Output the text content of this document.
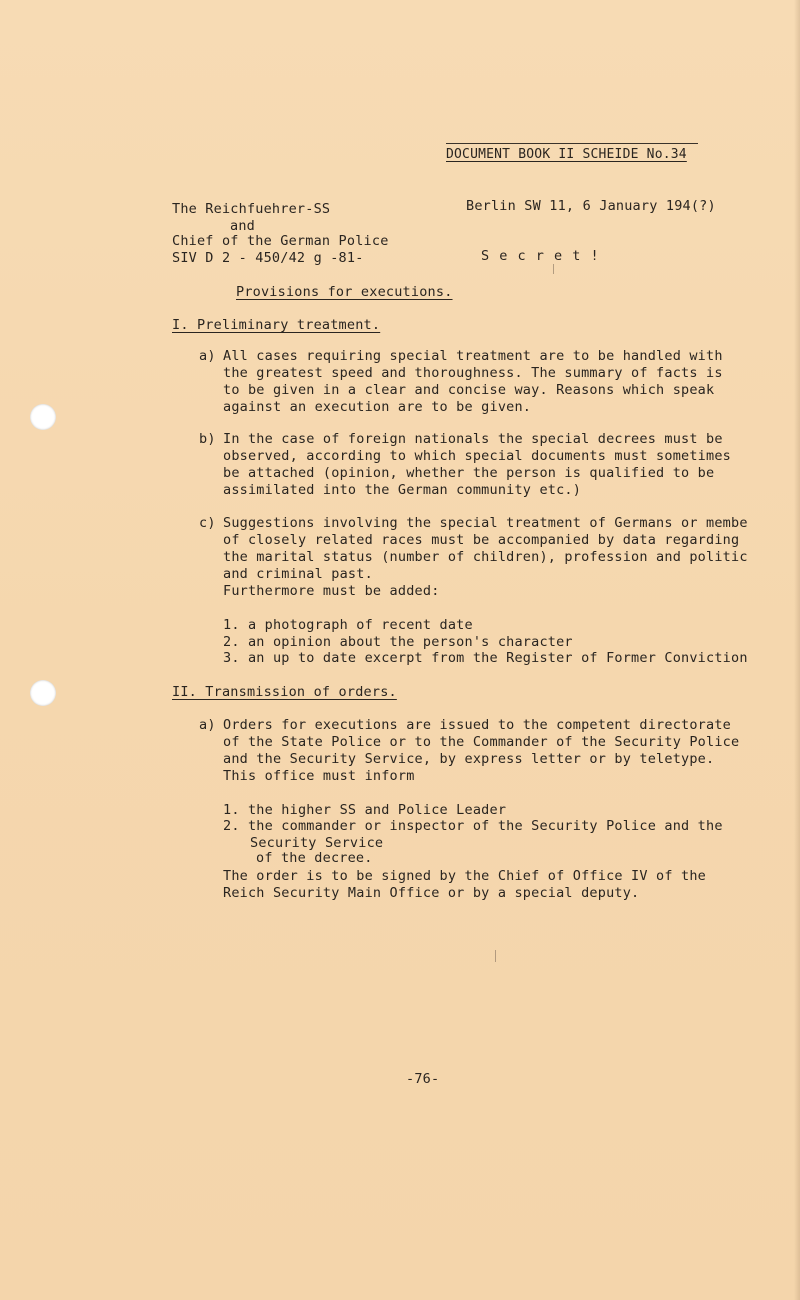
DOCUMENT BOOK II SCHEIDE No.34
The Reichfuehrer-SS
and
Chief of the German Police
SIV D 2 - 450/42 g -81-
Berlin SW 11, 6 January 194(?)
S e c r e t !
Provisions for executions.
I. Preliminary treatment.
a) All cases requiring special treatment are to be handled with
the greatest speed and thoroughness. The summary of facts is
to be given in a clear and concise way. Reasons which speak
against an execution are to be given.
b) In the case of foreign nationals the special decrees must be
observed, according to which special documents must sometimes
be attached (opinion, whether the person is qualified to be
assimilated into the German community etc.)
c) Suggestions involving the special treatment of Germans or membe
of closely related races must be accompanied by data regarding
the marital status (number of children), profession and politic
and criminal past.
Furthermore must be added:
1. a photograph of recent date
2. an opinion about the person's character
3. an up to date excerpt from the Register of Former Conviction
II. Transmission of orders.
a) Orders for executions are issued to the competent directorate
of the State Police or to the Commander of the Security Police
and the Security Service, by express letter or by teletype.
This office must inform
1. the higher SS and Police Leader
2. the commander or inspector of the Security Police and the
Security Service
of the decree.
The order is to be signed by the Chief of Office IV of the
Reich Security Main Office or by a special deputy.
-76-
